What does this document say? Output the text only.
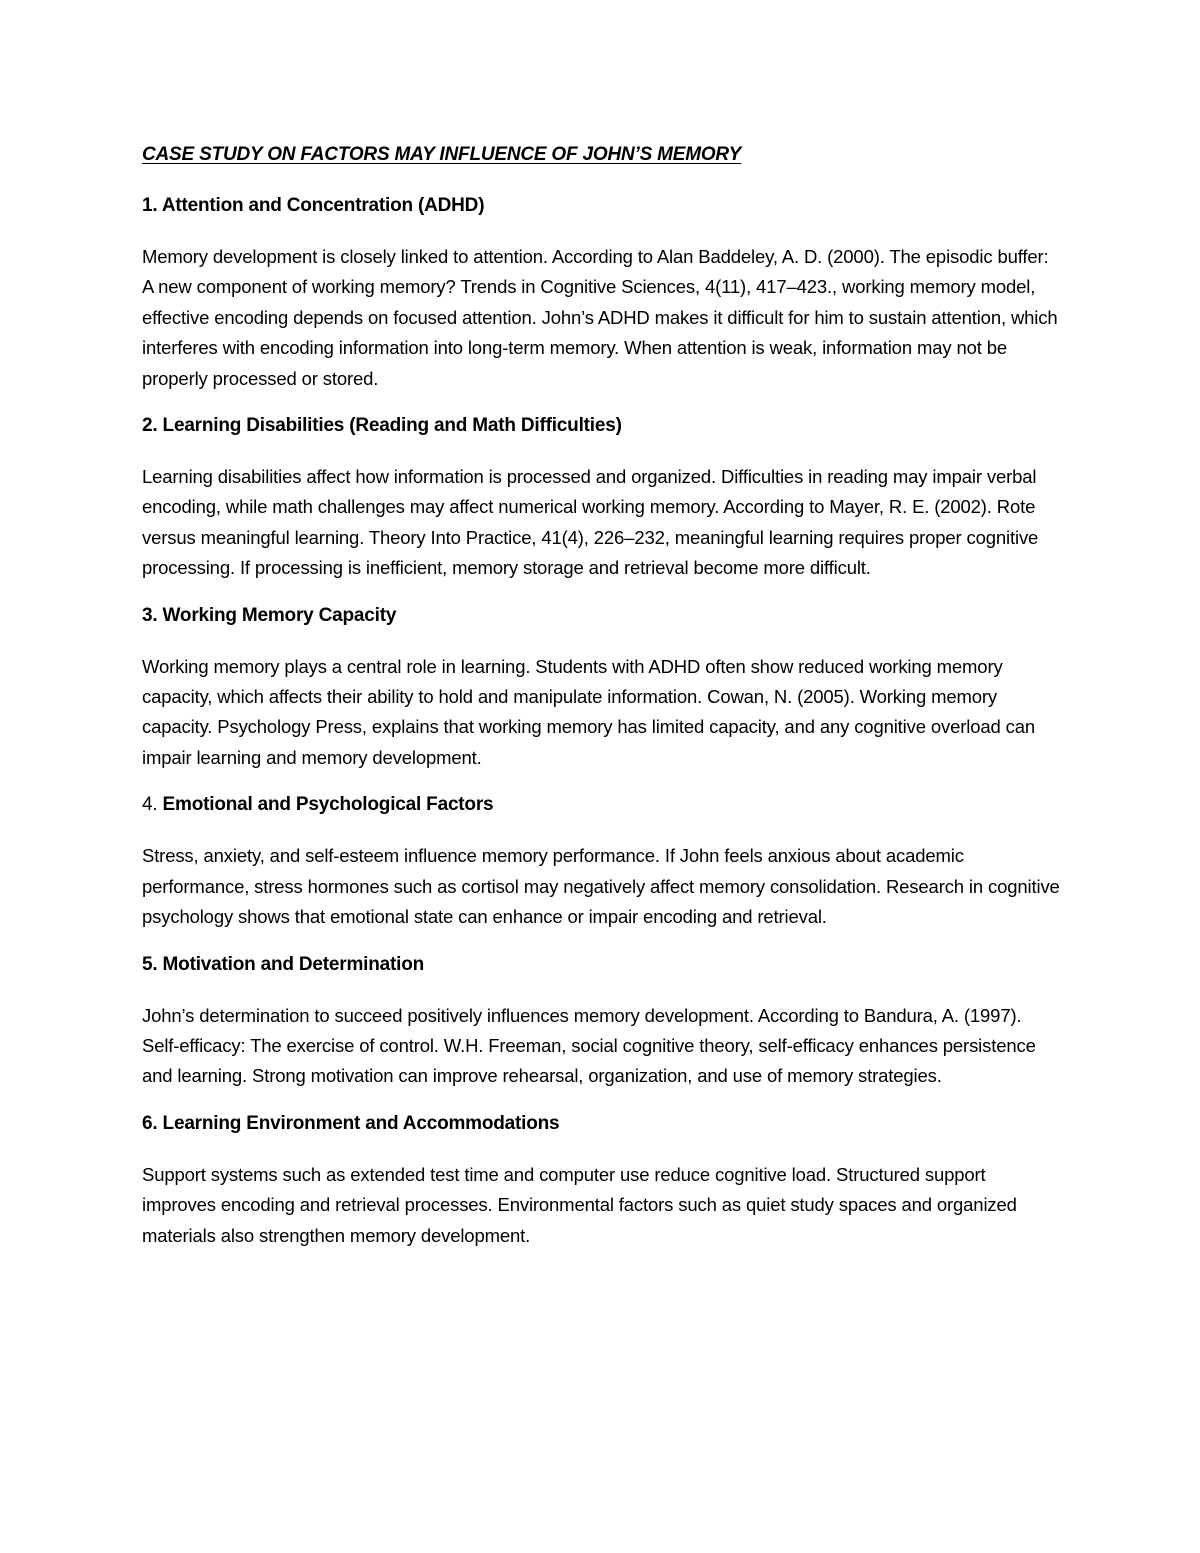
CASE STUDY ON FACTORS MAY INFLUENCE OF JOHN’S MEMORY
1. Attention and Concentration (ADHD)

Memory development is closely linked to attention. According to Alan Baddeley, A. D. (2000). The episodic buffer: A new component of working memory? Trends in Cognitive Sciences, 4(11), 417–423., working memory model, effective encoding depends on focused attention. John’s ADHD makes it difficult for him to sustain attention, which interferes with encoding information into long-term memory. When attention is weak, information may not be properly processed or stored.

2. Learning Disabilities (Reading and Math Difficulties)

Learning disabilities affect how information is processed and organized. Difficulties in reading may impair verbal encoding, while math challenges may affect numerical working memory. According to Mayer, R. E. (2002). Rote versus meaningful learning. Theory Into Practice, 41(4), 226–232, meaningful learning requires proper cognitive processing. If processing is inefficient, memory storage and retrieval become more difficult.

3. Working Memory Capacity

Working memory plays a central role in learning. Students with ADHD often show reduced working memory capacity, which affects their ability to hold and manipulate information. Cowan, N. (2005). Working memory capacity. Psychology Press, explains that working memory has limited capacity, and any cognitive overload can impair learning and memory development.

4. Emotional and Psychological Factors

Stress, anxiety, and self-esteem influence memory performance. If John feels anxious about academic performance, stress hormones such as cortisol may negatively affect memory consolidation. Research in cognitive psychology shows that emotional state can enhance or impair encoding and retrieval.

5. Motivation and Determination

John’s determination to succeed positively influences memory development. According to Bandura, A. (1997). Self-efficacy: The exercise of control. W.H. Freeman, social cognitive theory, self-efficacy enhances persistence and learning. Strong motivation can improve rehearsal, organization, and use of memory strategies.

6. Learning Environment and Accommodations

Support systems such as extended test time and computer use reduce cognitive load. Structured support improves encoding and retrieval processes. Environmental factors such as quiet study spaces and organized materials also strengthen memory development.
